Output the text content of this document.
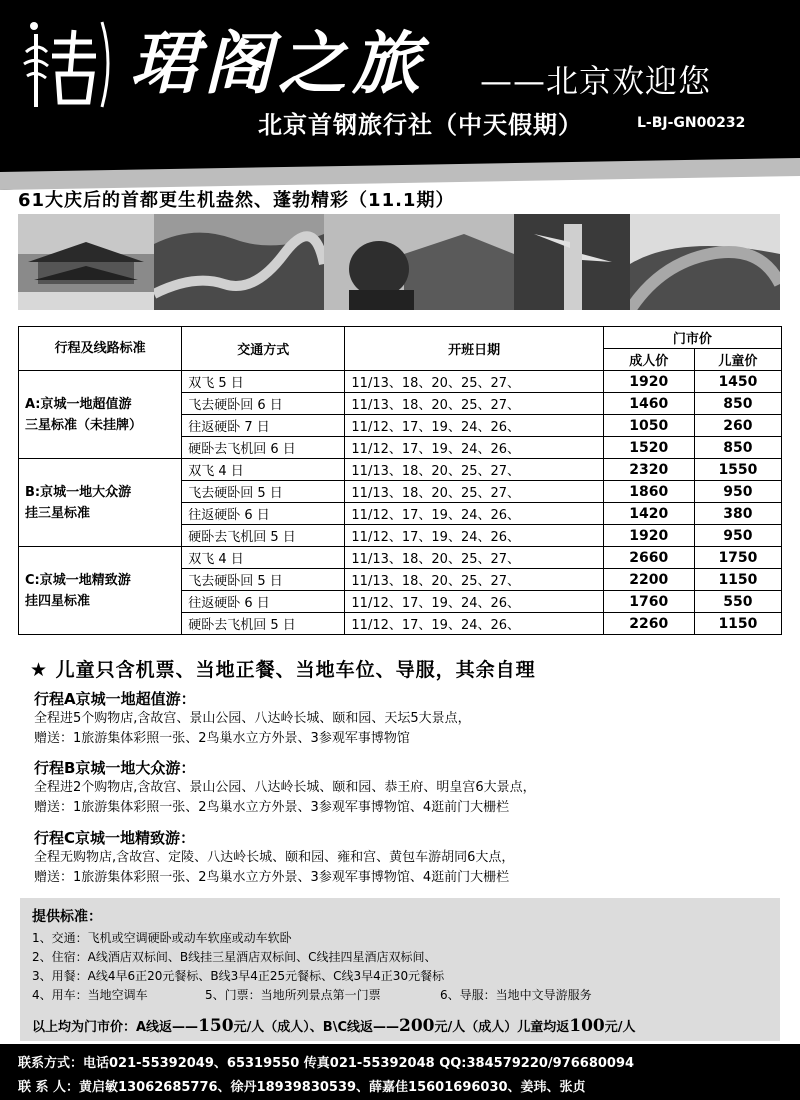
珺阁之旅 ——北京欢迎您
北京首钢旅行社（中天假期）	L-BJ-GN00232
61大庆后的首都更生机盎然、蓬勃精彩（11.1期）
行程及线路标准	交通方式	开班日期	门市价	
			成人价	儿童价

A:京城一地超值游
三星标准（未挂牌）	双飞 5 日	11/13、18、20、25、27、	1920	1450
	飞去硬卧回 6 日	11/13、18、20、25、27、	1460	850
	往返硬卧 7 日	11/12、17、19、24、26、	1050	260
	硬卧去飞机回 6 日	11/12、17、19、24、26、	1520	850

B:京城一地大众游
挂三星标准	双飞 4 日	11/13、18、20、25、27、	2320	1550
	飞去硬卧回 5 日	11/13、18、20、25、27、	1860	950
	往返硬卧 6 日	11/12、17、19、24、26、	1420	380
	硬卧去飞机回 5 日	11/12、17、19、24、26、	1920	950

C:京城一地精致游
挂四星标准	双飞 4 日	11/13、18、20、25、27、	2660	1750
	飞去硬卧回 5 日	11/13、18、20、25、27、	2200	1150
	往返硬卧 6 日	11/12、17、19、24、26、	1760	550
	硬卧去飞机回 5 日	11/12、17、19、24、26、	2260	1150
★ 儿童只含机票、当地正餐、当地车位、导服，其余自理
行程A京城一地超值游：
全程进5个购物店,含故宫、景山公园、八达岭长城、颐和园、天坛5大景点，
赠送：1旅游集体彩照一张、2鸟巢水立方外景、3参观军事博物馆
行程B京城一地大众游：
全程进2个购物店,含故宫、景山公园、八达岭长城、颐和园、恭王府、明皇宫6大景点，
赠送：1旅游集体彩照一张、2鸟巢水立方外景、3参观军事博物馆、4逛前门大栅栏
行程C京城一地精致游：
全程无购物店,含故宫、定陵、八达岭长城、颐和园、雍和宫、黄包车游胡同6大点，
赠送：1旅游集体彩照一张、2鸟巢水立方外景、3参观军事博物馆、4逛前门大栅栏
提供标准：
1、交通：飞机或空调硬卧或动车软座或动车软卧
2、住宿：A线酒店双标间、B线挂三星酒店双标间、C线挂四星酒店双标间、
3、用餐：A线4早6正20元餐标、B线3早4正25元餐标、C线3早4正30元餐标
4、用车：当地空调车	5、门票：当地所列景点第一门票	6、导服：当地中文导游服务
以上均为门市价：A线返——150元/人（成人）、B\C线返——200元/人（成人）儿童均返100元/人
联系方式：电话021-55392049、65319550 传真021-55392048 QQ:384579220/976680094
联 系 人：黄启敏13062685776、徐丹18939830539、薛嘉佳15601696030、姜玮、张贞
